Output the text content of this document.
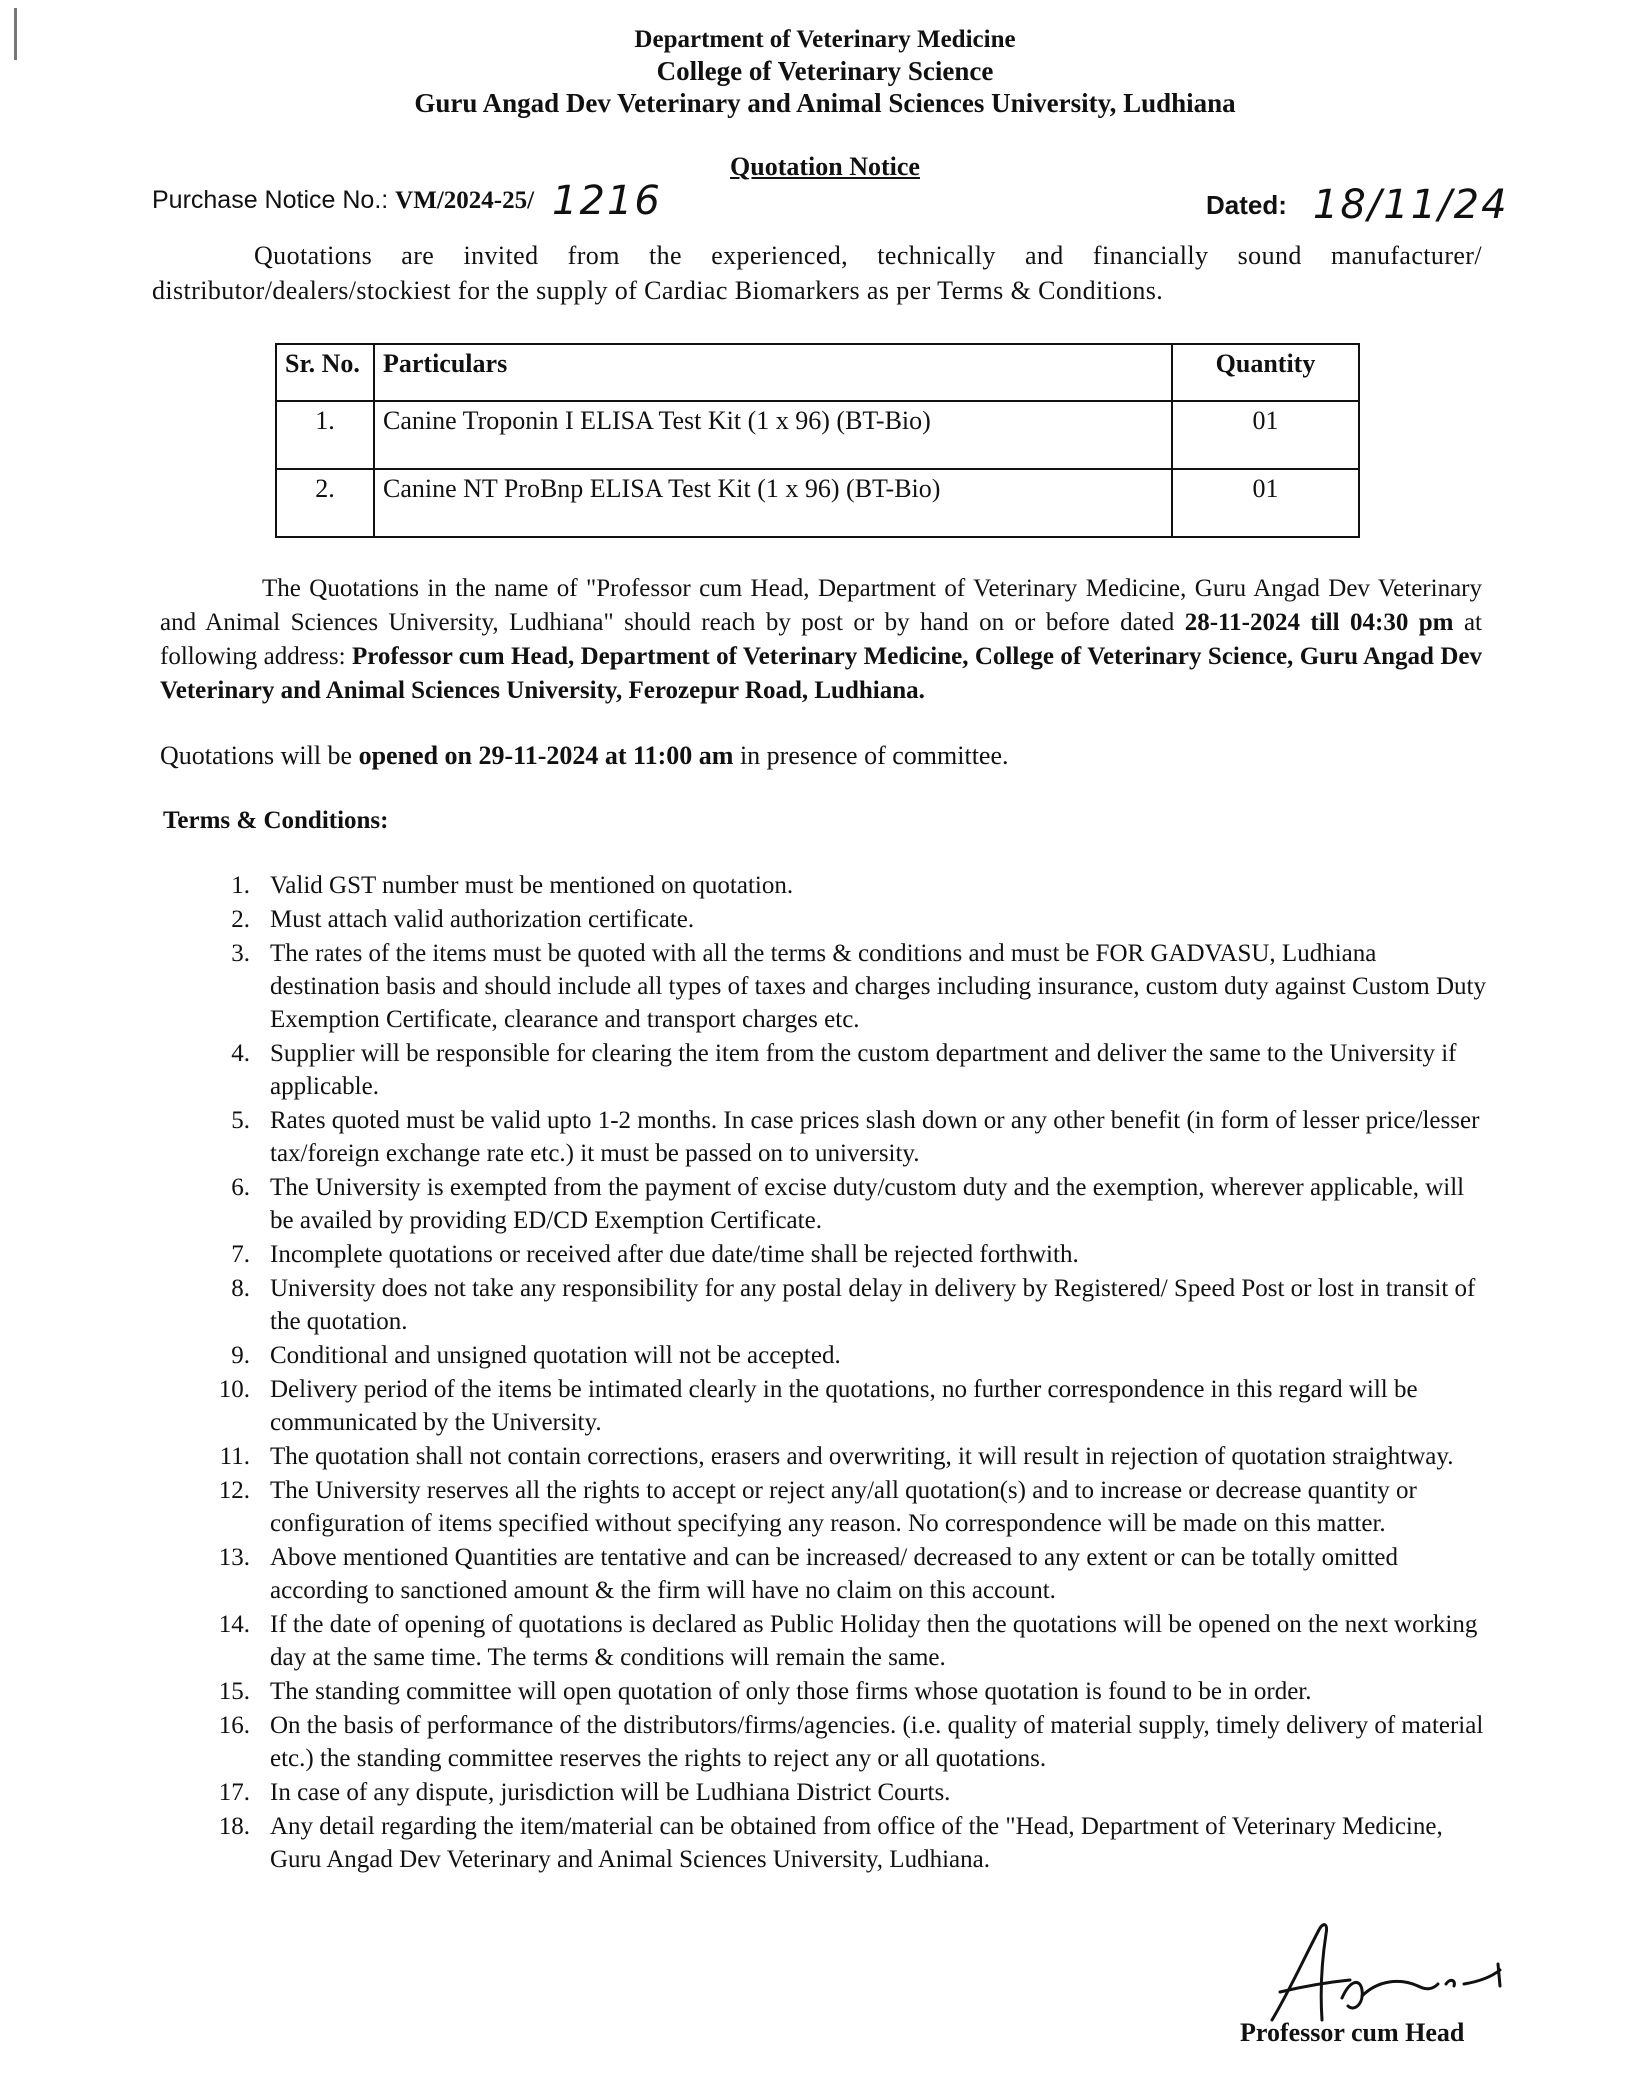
Department of Veterinary Medicine
College of Veterinary Science
Guru Angad Dev Veterinary and Animal Sciences University, Ludhiana
Quotation Notice
Purchase Notice No.: VM/2024-25/ 1216	Dated: 18/11/24
Quotations are invited from the experienced, technically and financially sound manufacturer/ distributor/dealers/stockiest for the supply of Cardiac Biomarkers as per Terms & Conditions.
Sr. No.	Particulars	Quantity
1.	Canine Troponin I ELISA Test Kit (1 x 96) (BT-Bio)	01
2.	Canine NT ProBnp ELISA Test Kit (1 x 96) (BT-Bio)	01
The Quotations in the name of "Professor cum Head, Department of Veterinary Medicine, Guru Angad Dev Veterinary and Animal Sciences University, Ludhiana" should reach by post or by hand on or before dated 28-11-2024 till 04:30 pm at following address: Professor cum Head, Department of Veterinary Medicine, College of Veterinary Science, Guru Angad Dev Veterinary and Animal Sciences University, Ferozepur Road, Ludhiana.
Quotations will be opened on 29-11-2024 at 11:00 am in presence of committee.
Terms & Conditions:
1. Valid GST number must be mentioned on quotation.
2. Must attach valid authorization certificate.
3. The rates of the items must be quoted with all the terms & conditions and must be FOR GADVASU, Ludhiana destination basis and should include all types of taxes and charges including insurance, custom duty against Custom Duty Exemption Certificate, clearance and transport charges etc.
4. Supplier will be responsible for clearing the item from the custom department and deliver the same to the University if applicable.
5. Rates quoted must be valid upto 1-2 months. In case prices slash down or any other benefit (in form of lesser price/lesser tax/foreign exchange rate etc.) it must be passed on to university.
6. The University is exempted from the payment of excise duty/custom duty and the exemption, wherever applicable, will be availed by providing ED/CD Exemption Certificate.
7. Incomplete quotations or received after due date/time shall be rejected forthwith.
8. University does not take any responsibility for any postal delay in delivery by Registered/ Speed Post or lost in transit of the quotation.
9. Conditional and unsigned quotation will not be accepted.
10. Delivery period of the items be intimated clearly in the quotations, no further correspondence in this regard will be communicated by the University.
11. The quotation shall not contain corrections, erasers and overwriting, it will result in rejection of quotation straightway.
12. The University reserves all the rights to accept or reject any/all quotation(s) and to increase or decrease quantity or configuration of items specified without specifying any reason. No correspondence will be made on this matter.
13. Above mentioned Quantities are tentative and can be increased/ decreased to any extent or can be totally omitted according to sanctioned amount & the firm will have no claim on this account.
14. If the date of opening of quotations is declared as Public Holiday then the quotations will be opened on the next working day at the same time. The terms & conditions will remain the same.
15. The standing committee will open quotation of only those firms whose quotation is found to be in order.
16. On the basis of performance of the distributors/firms/agencies. (i.e. quality of material supply, timely delivery of material etc.) the standing committee reserves the rights to reject any or all quotations.
17. In case of any dispute, jurisdiction will be Ludhiana District Courts.
18. Any detail regarding the item/material can be obtained from office of the "Head, Department of Veterinary Medicine, Guru Angad Dev Veterinary and Animal Sciences University, Ludhiana.
Professor cum Head
